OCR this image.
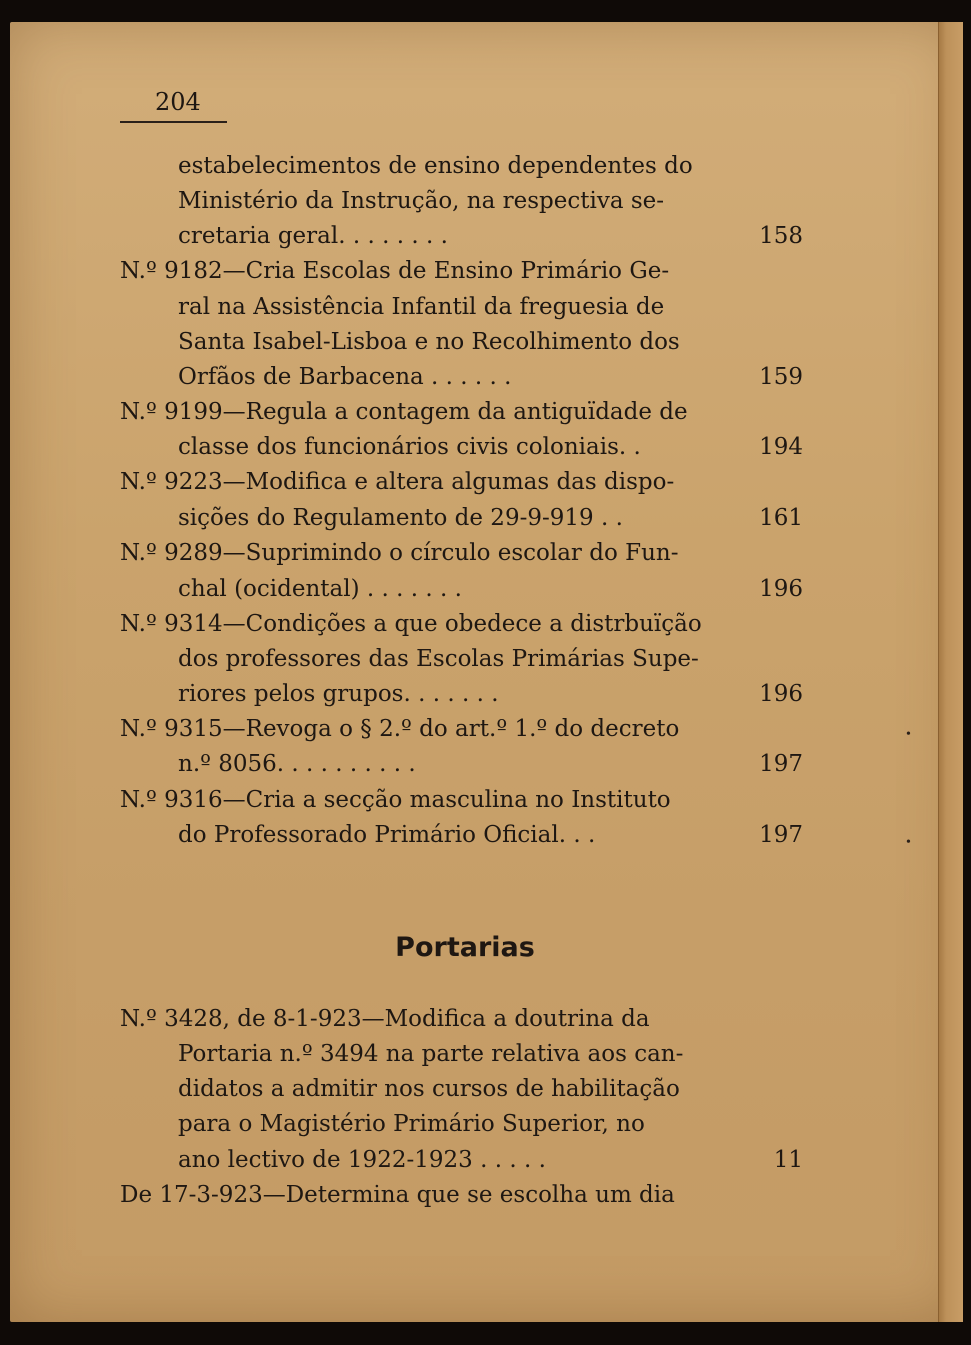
204
estabelecimentos de ensino dependentes do
Ministério da Instrução, na respectiva se-
cretaria geral. . . . . . . .	158
N.º 9182—Cria Escolas de Ensino Primário Ge-
ral na Assistência Infantil da freguesia de
Santa Isabel-Lisboa e no Recolhimento dos
Orfãos de Barbacena . . . . . .	159
N.º 9199—Regula a contagem da antiguïdade de
classe dos funcionários civis coloniais. .	194
N.º 9223—Modifica e altera algumas das dispo-
sições do Regulamento de 29-9-919 . .	161
N.º 9289—Suprimindo o círculo escolar do Fun-
chal (ocidental) . . . . . . .	196
N.º 9314—Condições a que obedece a distrbuïção
dos professores das Escolas Primárias Supe-
riores pelos grupos. . . . . . .	196
N.º 9315—Revoga o § 2.º do art.º 1.º do decreto
n.º 8056. . . . . . . . . .	197
N.º 9316—Cria a secção masculina no Instituto
do Professorado Primário Oficial. . .	197
Portarias
N.º 3428, de 8-1-923—Modifica a doutrina da
Portaria n.º 3494 na parte relativa aos can-
didatos a admitir nos cursos de habilitação
para o Magistério Primário Superior, no
ano lectivo de 1922-1923 . . . . .	11
De 17-3-923—Determina que se escolha um dia
•
•
